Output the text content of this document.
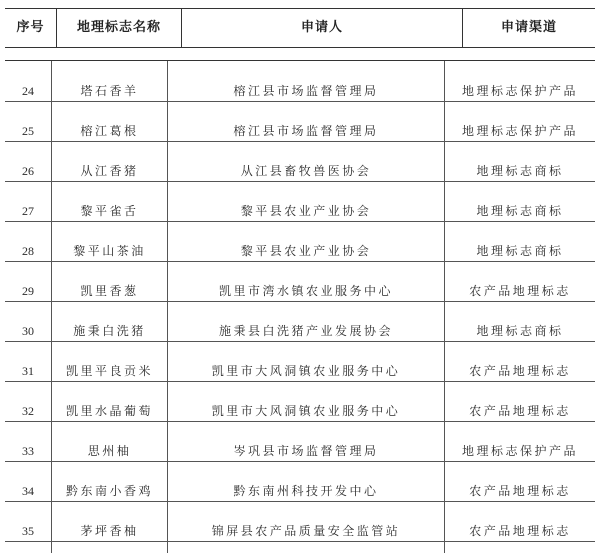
序号	地理标志名称	申请人	申请渠道
24	塔石香羊	榕江县市场监督管理局	地理标志保护产品
25	榕江葛根	榕江县市场监督管理局	地理标志保护产品
26	从江香猪	从江县畜牧兽医协会	地理标志商标
27	黎平雀舌	黎平县农业产业协会	地理标志商标
28	黎平山茶油	黎平县农业产业协会	地理标志商标
29	凯里香葱	凯里市湾水镇农业服务中心	农产品地理标志
30	施秉白洗猪	施秉县白洗猪产业发展协会	地理标志商标
31	凯里平良贡米	凯里市大风洞镇农业服务中心	农产品地理标志
32	凯里水晶葡萄	凯里市大风洞镇农业服务中心	农产品地理标志
33	思州柚	岑巩县市场监督管理局	地理标志保护产品
34	黔东南小香鸡	黔东南州科技开发中心	农产品地理标志
35	茅坪香柚	锦屏县农产品质量安全监管站	农产品地理标志
